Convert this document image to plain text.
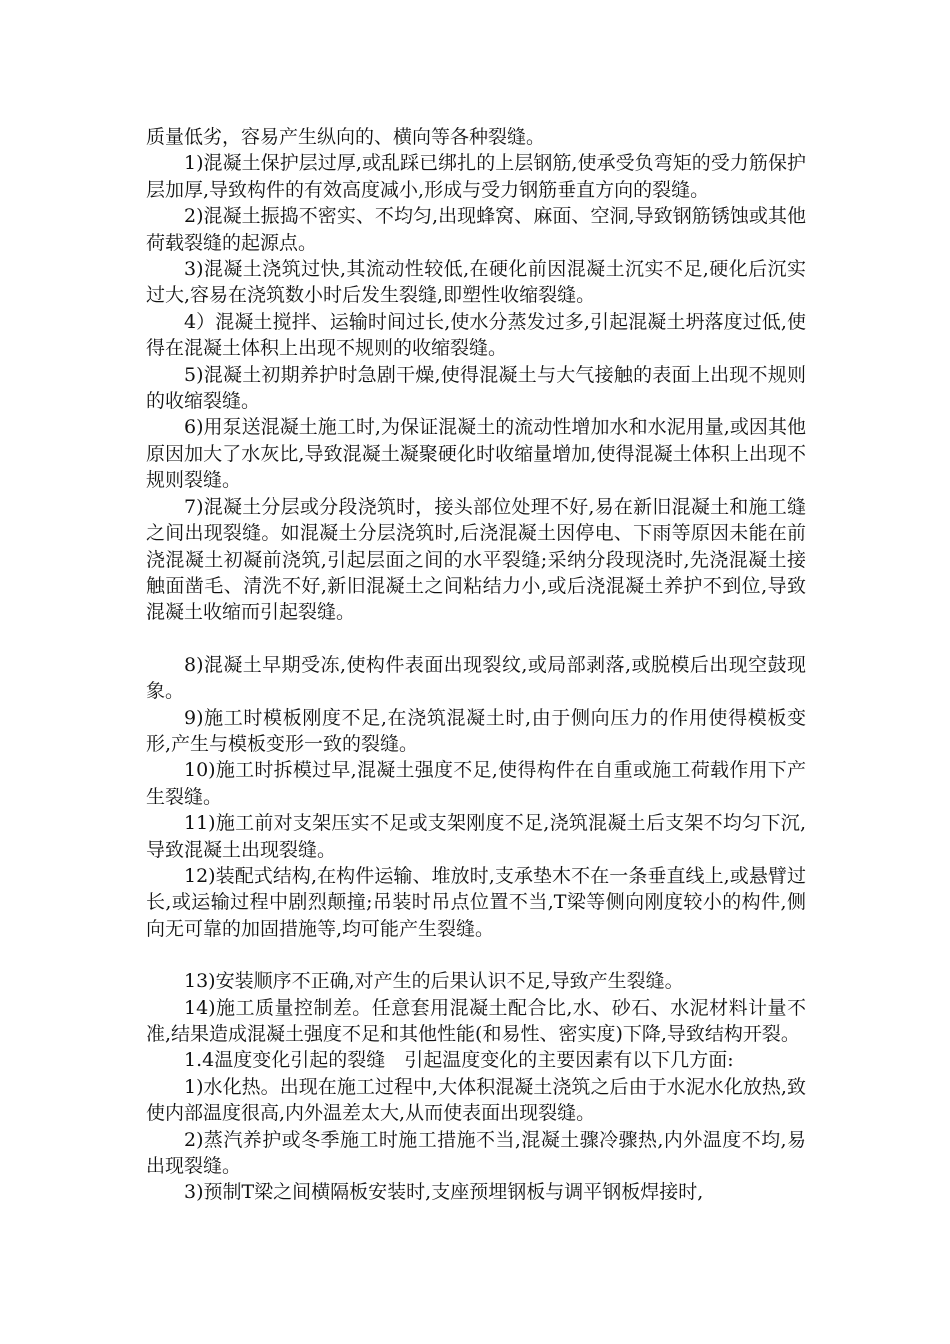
质量低劣，容易产生纵向的、横向等各种裂缝。

1)混凝土保护层过厚,或乱踩已绑扎的上层钢筋,使承受负弯矩的受力筋保护层加厚,导致构件的有效高度减小,形成与受力钢筋垂直方向的裂缝。

2)混凝土振捣不密实、不均匀,出现蜂窝、麻面、空洞,导致钢筋锈蚀或其他荷载裂缝的起源点。

3)混凝土浇筑过快,其流动性较低,在硬化前因混凝土沉实不足,硬化后沉实过大,容易在浇筑数小时后发生裂缝,即塑性收缩裂缝。

4）混凝土搅拌、运输时间过长,使水分蒸发过多,引起混凝土坍落度过低,使得在混凝土体积上出现不规则的收缩裂缝。

5)混凝土初期养护时急剧干燥,使得混凝土与大气接触的表面上出现不规则的收缩裂缝。

6)用泵送混凝土施工时,为保证混凝土的流动性增加水和水泥用量,或因其他原因加大了水灰比,导致混凝土凝聚硬化时收缩量增加,使得混凝土体积上出现不规则裂缝。

7)混凝土分层或分段浇筑时，接头部位处理不好,易在新旧混凝土和施工缝之间出现裂缝。如混凝土分层浇筑时,后浇混凝土因停电、下雨等原因未能在前浇混凝土初凝前浇筑,引起层面之间的水平裂缝;采纳分段现浇时,先浇混凝土接触面凿毛、清洗不好,新旧混凝土之间粘结力小,或后浇混凝土养护不到位,导致混凝土收缩而引起裂缝。

8)混凝土早期受冻,使构件表面出现裂纹,或局部剥落,或脱模后出现空鼓现象。

9)施工时模板刚度不足,在浇筑混凝土时,由于侧向压力的作用使得模板变形,产生与模板变形一致的裂缝。

10)施工时拆模过早,混凝土强度不足,使得构件在自重或施工荷载作用下产生裂缝。

11)施工前对支架压实不足或支架刚度不足,浇筑混凝土后支架不均匀下沉,导致混凝土出现裂缝。

12)装配式结构,在构件运输、堆放时,支承垫木不在一条垂直线上,或悬臂过长,或运输过程中剧烈颠撞;吊装时吊点位置不当,T梁等侧向刚度较小的构件,侧向无可靠的加固措施等,均可能产生裂缝。

13)安装顺序不正确,对产生的后果认识不足,导致产生裂缝。

14)施工质量控制差。任意套用混凝土配合比,水、砂石、水泥材料计量不准,结果造成混凝土强度不足和其他性能(和易性、密实度)下降,导致结构开裂。

1.4温度变化引起的裂缝　引起温度变化的主要因素有以下几方面:

1)水化热。出现在施工过程中,大体积混凝土浇筑之后由于水泥水化放热,致使内部温度很高,内外温差太大,从而使表面出现裂缝。

2)蒸汽养护或冬季施工时施工措施不当,混凝土骤冷骤热,内外温度不均,易出现裂缝。

3)预制T梁之间横隔板安装时,支座预埋钢板与调平钢板焊接时,
